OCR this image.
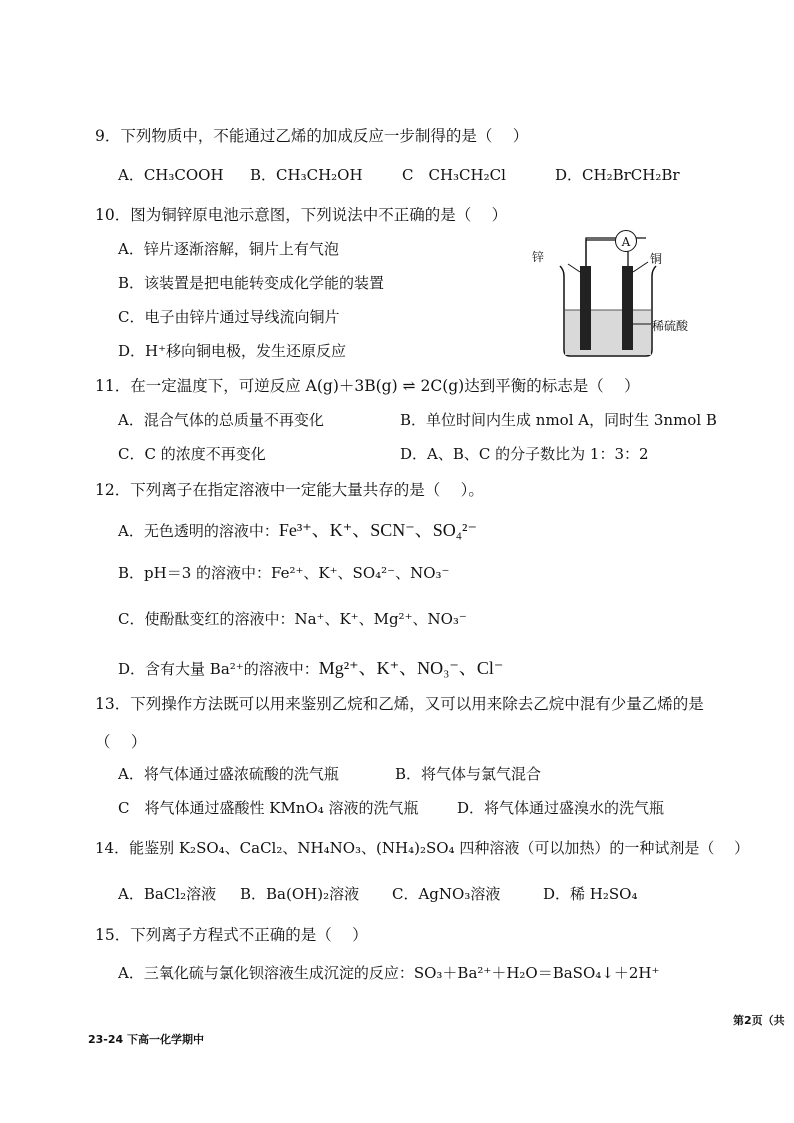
9．下列物质中，不能通过乙烯的加成反应一步制得的是（　 ）
A．CH₃COOH B．CH₃CH₂OH	C　CH₃CH₂Cl	D．CH₂BrCH₂Br
10．图为铜锌原电池示意图，下列说法中不正确的是（　 ）
A．锌片逐渐溶解，铜片上有气泡
B．该装置是把电能转变成化学能的装置
C．电子由锌片通过导线流向铜片
D．H⁺移向铜电极，发生还原反应
A
锌	铜
稀硫酸
11．在一定温度下，可逆反应 A(g)＋3B(g) ⇌ 2C(g)达到平衡的标志是（　 ）
A．混合气体的总质量不再变化	B．单位时间内生成 nmol A，同时生 3nmol B
C．C 的浓度不再变化	D．A、B、C 的分子数比为 1：3：2
12．下列离子在指定溶液中一定能大量共存的是（　 ）。
A．无色透明的溶液中：Fe³⁺、K⁺、SCN⁻、SO₄²⁻
B．pH＝3 的溶液中：Fe²⁺、K⁺、SO₄²⁻、NO₃⁻
C．使酚酞变红的溶液中：Na⁺、K⁺、Mg²⁺、NO₃⁻
D．含有大量 Ba²⁺的溶液中：Mg²⁺、K⁺、NO₃⁻、Cl⁻
13．下列操作方法既可以用来鉴别乙烷和乙烯，又可以用来除去乙烷中混有少量乙烯的是
（　 ）
A．将气体通过盛浓硫酸的洗气瓶	B．将气体与氯气混合
C　将气体通过盛酸性 KMnO₄ 溶液的洗气瓶	D．将气体通过盛溴水的洗气瓶
14．能鉴别 K₂SO₄、CaCl₂、NH₄NO₃、(NH₄)₂SO₄ 四种溶液（可以加热）的一种试剂是（　 ）
A．BaCl₂溶液 B．Ba(OH)₂溶液 C．AgNO₃溶液	D．稀 H₂SO₄
15．下列离子方程式不正确的是（　 ）
A．三氧化硫与氯化钡溶液生成沉淀的反应：SO₃＋Ba²⁺＋H₂O＝BaSO₄↓＋2H⁺
第2页（共
23-24 下高一化学期中
